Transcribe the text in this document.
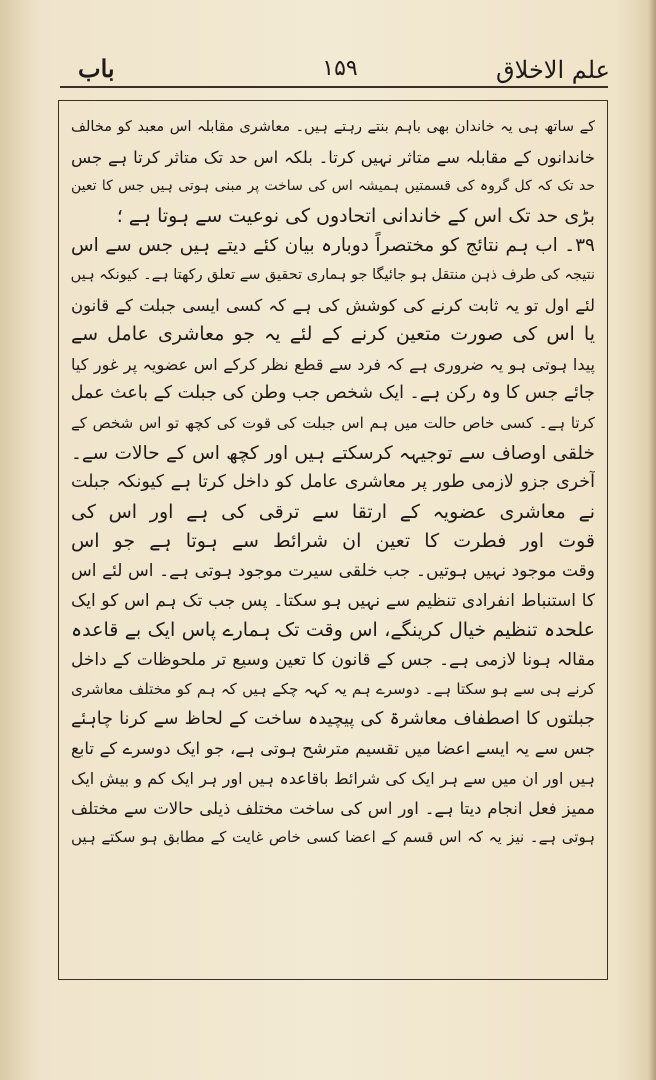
علم الاخلاق
۱۵۹
باب
کے ساتھ ہی یہ خاندان بھی باہم بنتے رہتے ہیں۔ معاشری مقابلہ اس معبد کو مخالف
خاندانوں کے مقابلہ سے متاثر نہیں کرتا۔ بلکہ اس حد تک متاثر کرتا ہے جس
حد تک کہ کل گروہ کی قسمتیں ہمیشہ اس کی ساخت پر مبنی ہوتی ہیں جس کا تعین
بڑی حد تک اس کے خاندانی اتحادوں کی نوعیت سے ہوتا ہے ؛
۳۹۔ اب ہم نتائج کو مختصراً دوبارہ بیان کئے دیتے ہیں جس سے اس
نتیجہ کی طرف ذہن منتقل ہو جائیگا جو ہماری تحقیق سے تعلق رکھتا ہے۔ کیونکہ ہیں
لئے اول تو یہ ثابت کرنے کی کوشش کی ہے کہ کسی ایسی جبلت کے قانون
یا اس کی صورت متعین کرنے کے لئے یہ جو معاشری عامل سے
پیدا ہوتی ہو یہ ضروری ہے کہ فرد سے قطع نظر کرکے اس عضویہ پر غور کیا
جائے جس کا وہ رکن ہے۔ ایک شخص جب وطن کی جبلت کے باعث عمل
کرتا ہے۔ کسی خاص حالت میں ہم اس جبلت کی قوت کی کچھ تو اس شخص کے
خلقی اوصاف سے توجیہہ کرسکتے ہیں اور کچھ اس کے حالات سے۔
آخری جزو لازمی طور پر معاشری عامل کو داخل کرتا ہے کیونکہ جبلت
نے معاشری عضویہ کے ارتقا سے ترقی کی ہے اور اس کی
قوت اور فطرت کا تعین ان شرائط سے ہوتا ہے جو اس
وقت موجود نہیں ہوتیں۔ جب خلقی سیرت موجود ہوتی ہے۔ اس لئے اس
کا استنباط انفرادی تنظیم سے نہیں ہو سکتا۔ پس جب تک ہم اس کو ایک
علحدہ تنظیم خیال کرینگے، اس وقت تک ہمارے پاس ایک بے قاعدہ
مقالہ ہونا لازمی ہے۔ جس کے قانون کا تعین وسیع تر ملحوظات کے داخل
کرنے ہی سے ہو سکتا ہے۔ دوسرے ہم یہ کہہ چکے ہیں کہ ہم کو مختلف معاشری
جبلتوں کا اصطفاف معاشرۃ کی پیچیدہ ساخت کے لحاظ سے کرنا چاہئے
جس سے یہ ایسے اعضا میں تقسیم مترشح ہوتی ہے، جو ایک دوسرے کے تابع
ہیں اور ان میں سے ہر ایک کی شرائط باقاعدہ ہیں اور ہر ایک کم و بیش ایک
ممیز فعل انجام دیتا ہے۔ اور اس کی ساخت مختلف ذیلی حالات سے مختلف
ہوتی ہے۔ نیز یہ کہ اس قسم کے اعضا کسی خاص غایت کے مطابق ہو سکتے ہیں
